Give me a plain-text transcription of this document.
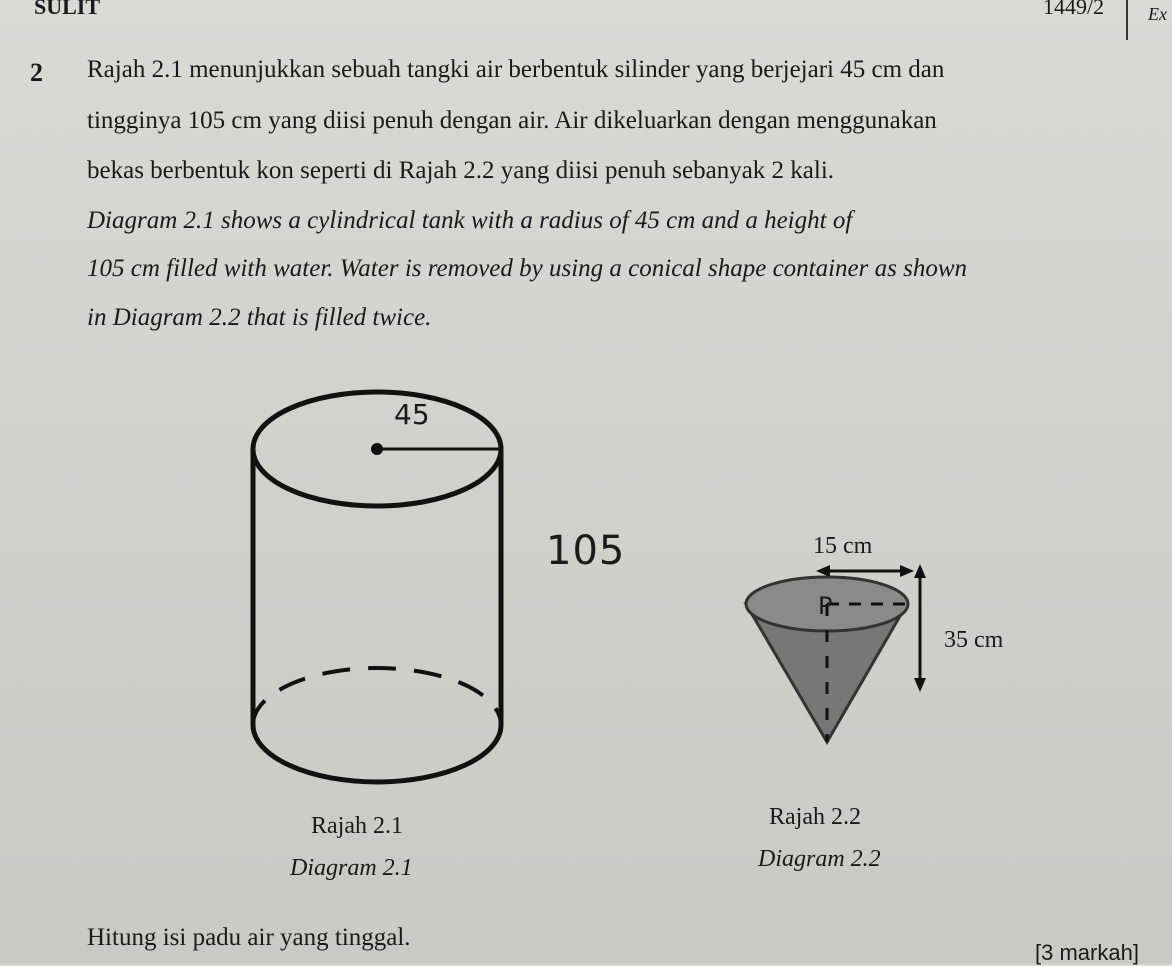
SULIT	1449/2 Ex
2 Rajah 2.1 menunjukkan sebuah tangki air berbentuk silinder yang berjejari 45 cm dan
tingginya 105 cm yang diisi penuh dengan air. Air dikeluarkan dengan menggunakan
bekas berbentuk kon seperti di Rajah 2.2 yang diisi penuh sebanyak 2 kali.
Diagram 2.1 shows a cylindrical tank with a radius of 45 cm and a height of
105 cm filled with water. Water is removed by using a conical shape container as shown
in Diagram 2.2 that is filled twice.
45
105
P
15 cm
35 cm
Rajah 2.1
Diagram 2.1
Rajah 2.2
Diagram 2.2
Hitung isi padu air yang tinggal.
[3 markah]
